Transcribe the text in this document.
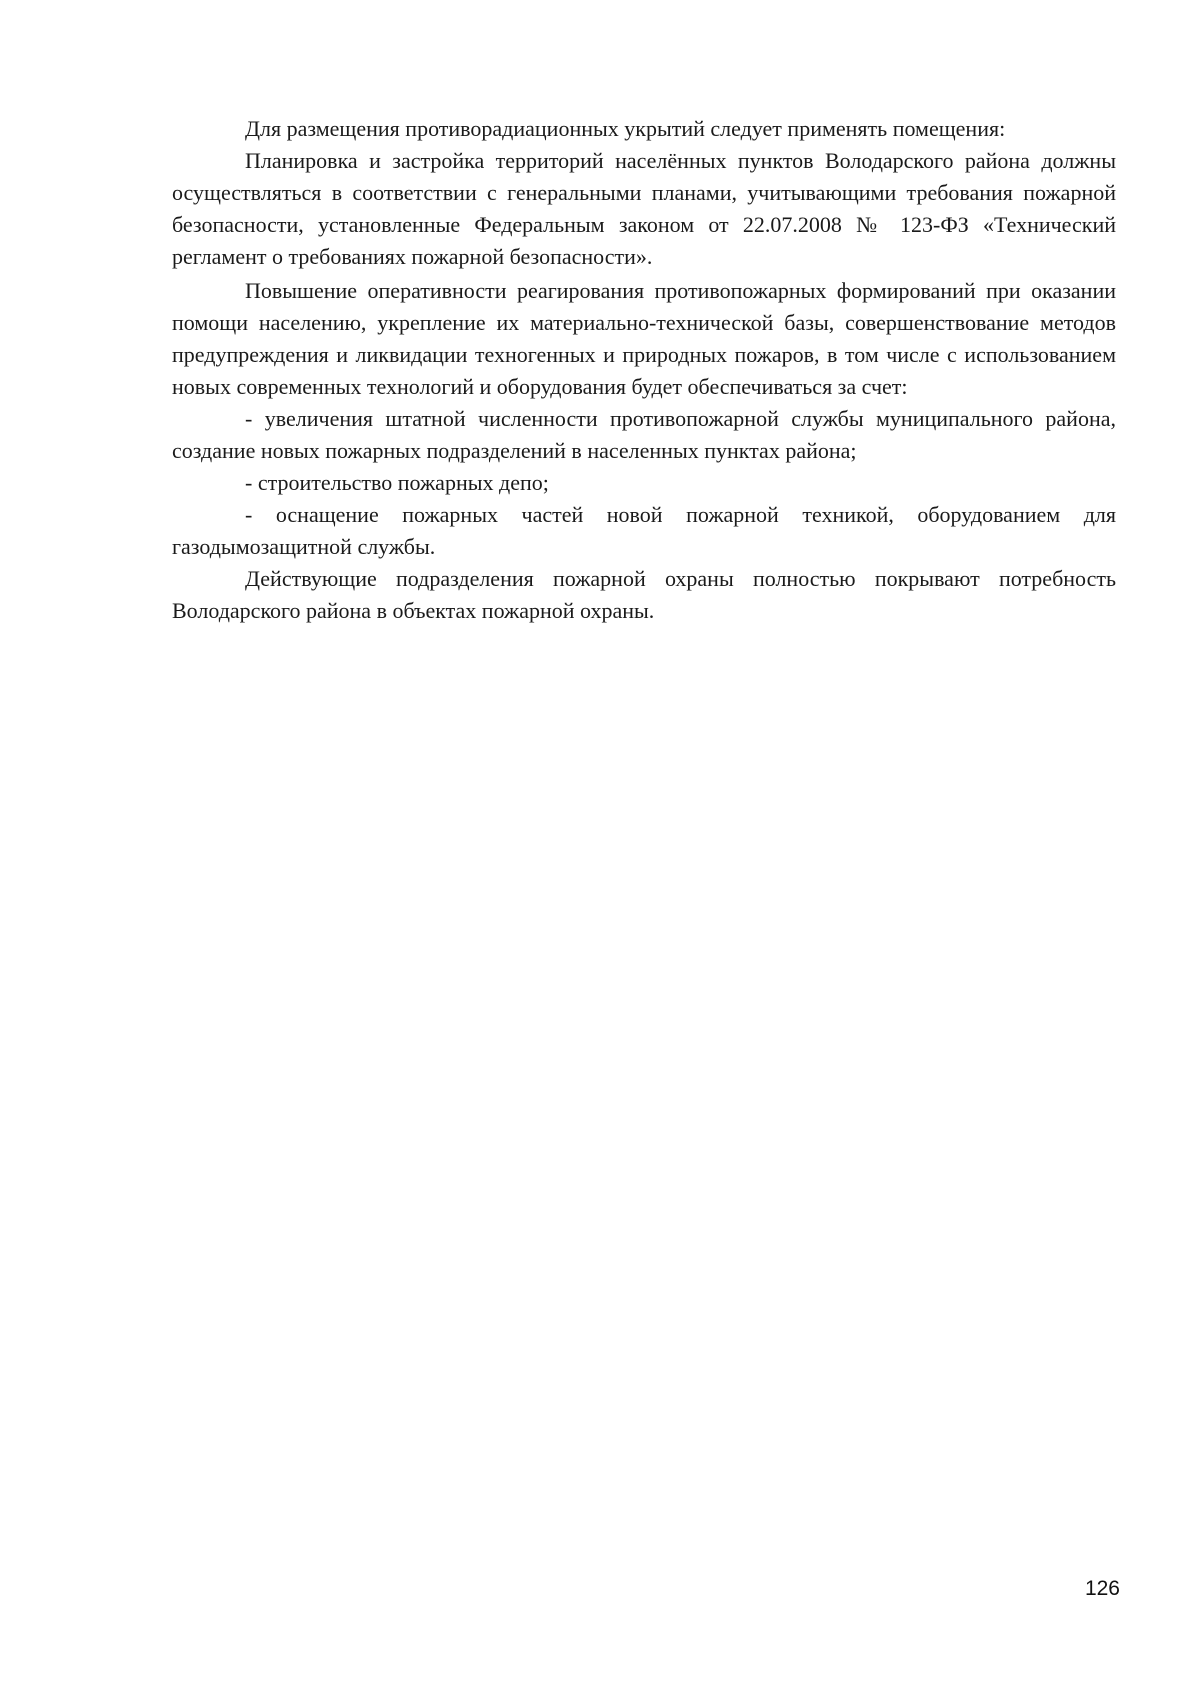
Для размещения противорадиационных укрытий следует применять помещения:

Планировка и застройка территорий населённых пунктов Володарского района должны осуществляться в соответствии с генеральными планами, учитывающими требования пожарной безопасности, установленные Федеральным законом от 22.07.2008 № 123-ФЗ «Технический регламент о требованиях пожарной безопасности».

Повышение оперативности реагирования противопожарных формирований при оказании помощи населению, укрепление их материально-технической базы, совершенствование методов предупреждения и ликвидации техногенных и природных пожаров, в том числе с использованием новых современных технологий и оборудования будет обеспечиваться за счет:

- увеличения штатной численности противопожарной службы муниципального района, создание новых пожарных подразделений в населенных пунктах района;

- строительство пожарных депо;

- оснащение пожарных частей новой пожарной техникой, оборудованием для газодымозащитной службы.

Действующие подразделения пожарной охраны полностью покрывают потребность Володарского района в объектах пожарной охраны.

126
